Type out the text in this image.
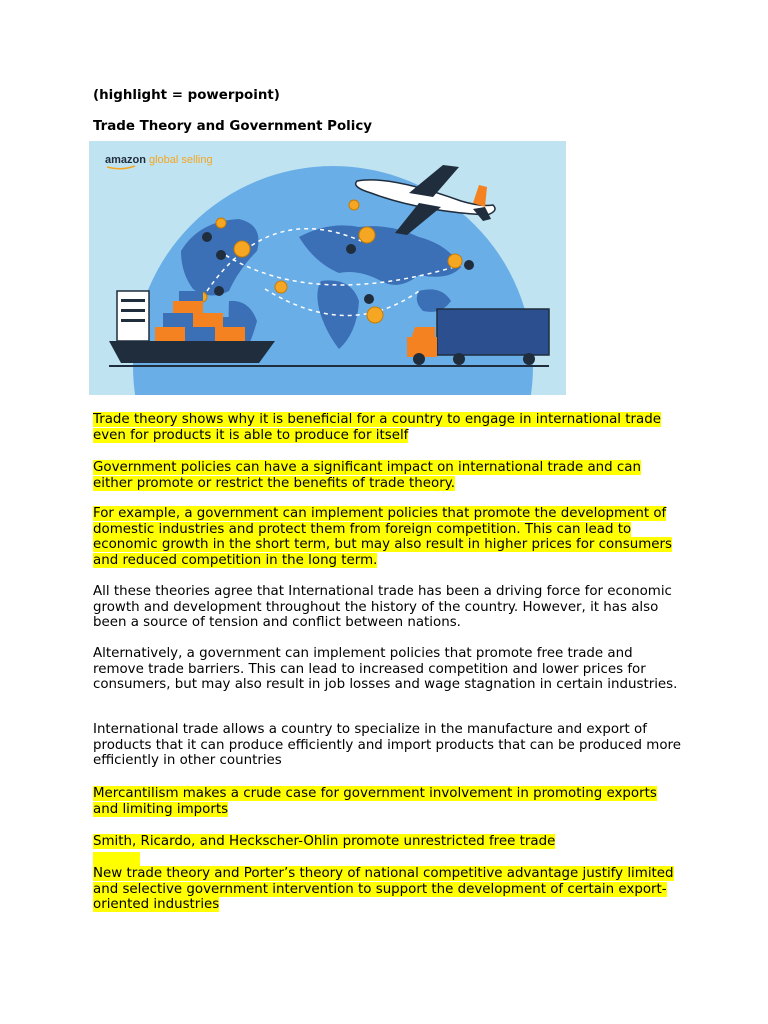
(highlight = powerpoint)

Trade Theory and Government Policy

amazon global selling

Trade theory shows why it is beneficial for a country to engage in international trade even for products it is able to produce for itself

Government policies can have a significant impact on international trade and can either promote or restrict the benefits of trade theory.

For example, a government can implement policies that promote the development of domestic industries and protect them from foreign competition. This can lead to economic growth in the short term, but may also result in higher prices for consumers and reduced competition in the long term.

All these theories agree that International trade has been a driving force for economic growth and development throughout the history of the country. However, it has also been a source of tension and conflict between nations.

Alternatively, a government can implement policies that promote free trade and remove trade barriers. This can lead to increased competition and lower prices for consumers, but may also result in job losses and wage stagnation in certain industries.

International trade allows a country to specialize in the manufacture and export of products that it can produce efficiently and import products that can be produced more efficiently in other countries

Mercantilism makes a crude case for government involvement in promoting exports and limiting imports

Smith, Ricardo, and Heckscher-Ohlin promote unrestricted free trade

New trade theory and Porter’s theory of national competitive advantage justify limited and selective government intervention to support the development of certain export-oriented industries
